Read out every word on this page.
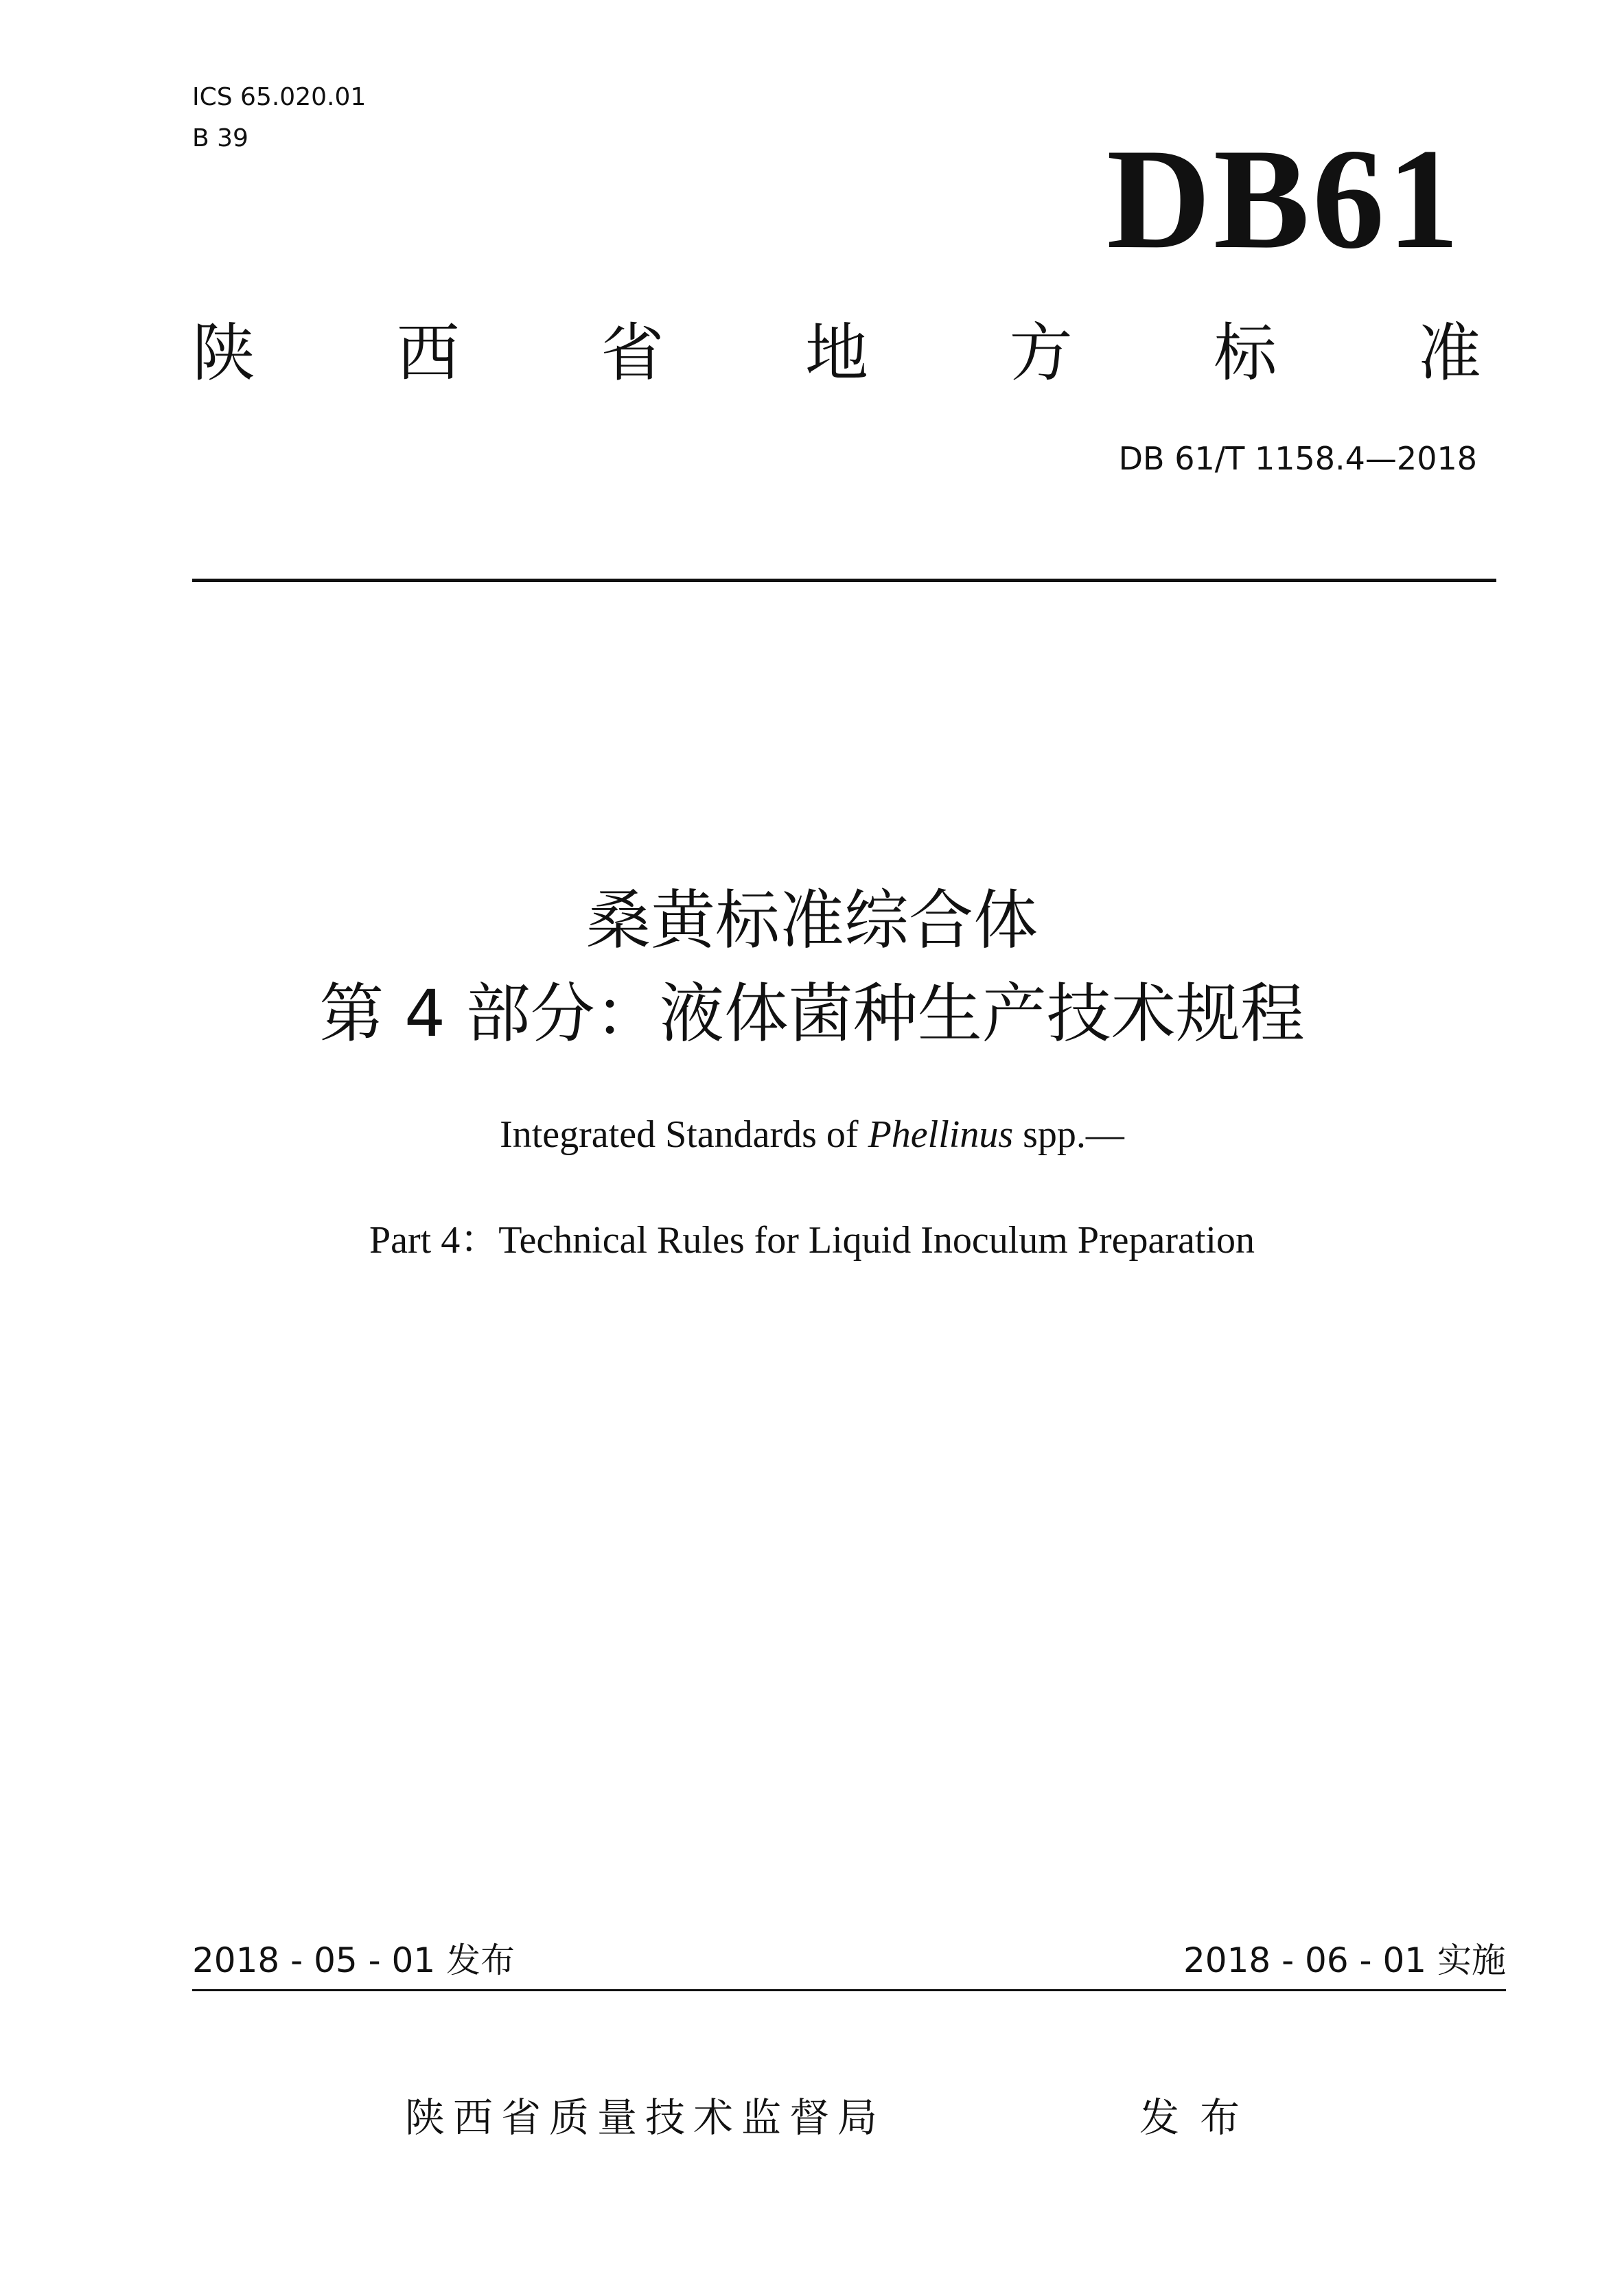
ICS 65.020.01
B 39	DB61
陕 西 省 地 方 标 准
DB 61/T 1158.4—2018
桑黄标准综合体
第 4 部分：液体菌种生产技术规程
Integrated Standards of Phellinus spp.—
Part 4：Technical Rules for Liquid Inoculum Preparation
2018 - 05 - 01 发布	2018 - 06 - 01 实施
陕西省质量技术监督局	发布
